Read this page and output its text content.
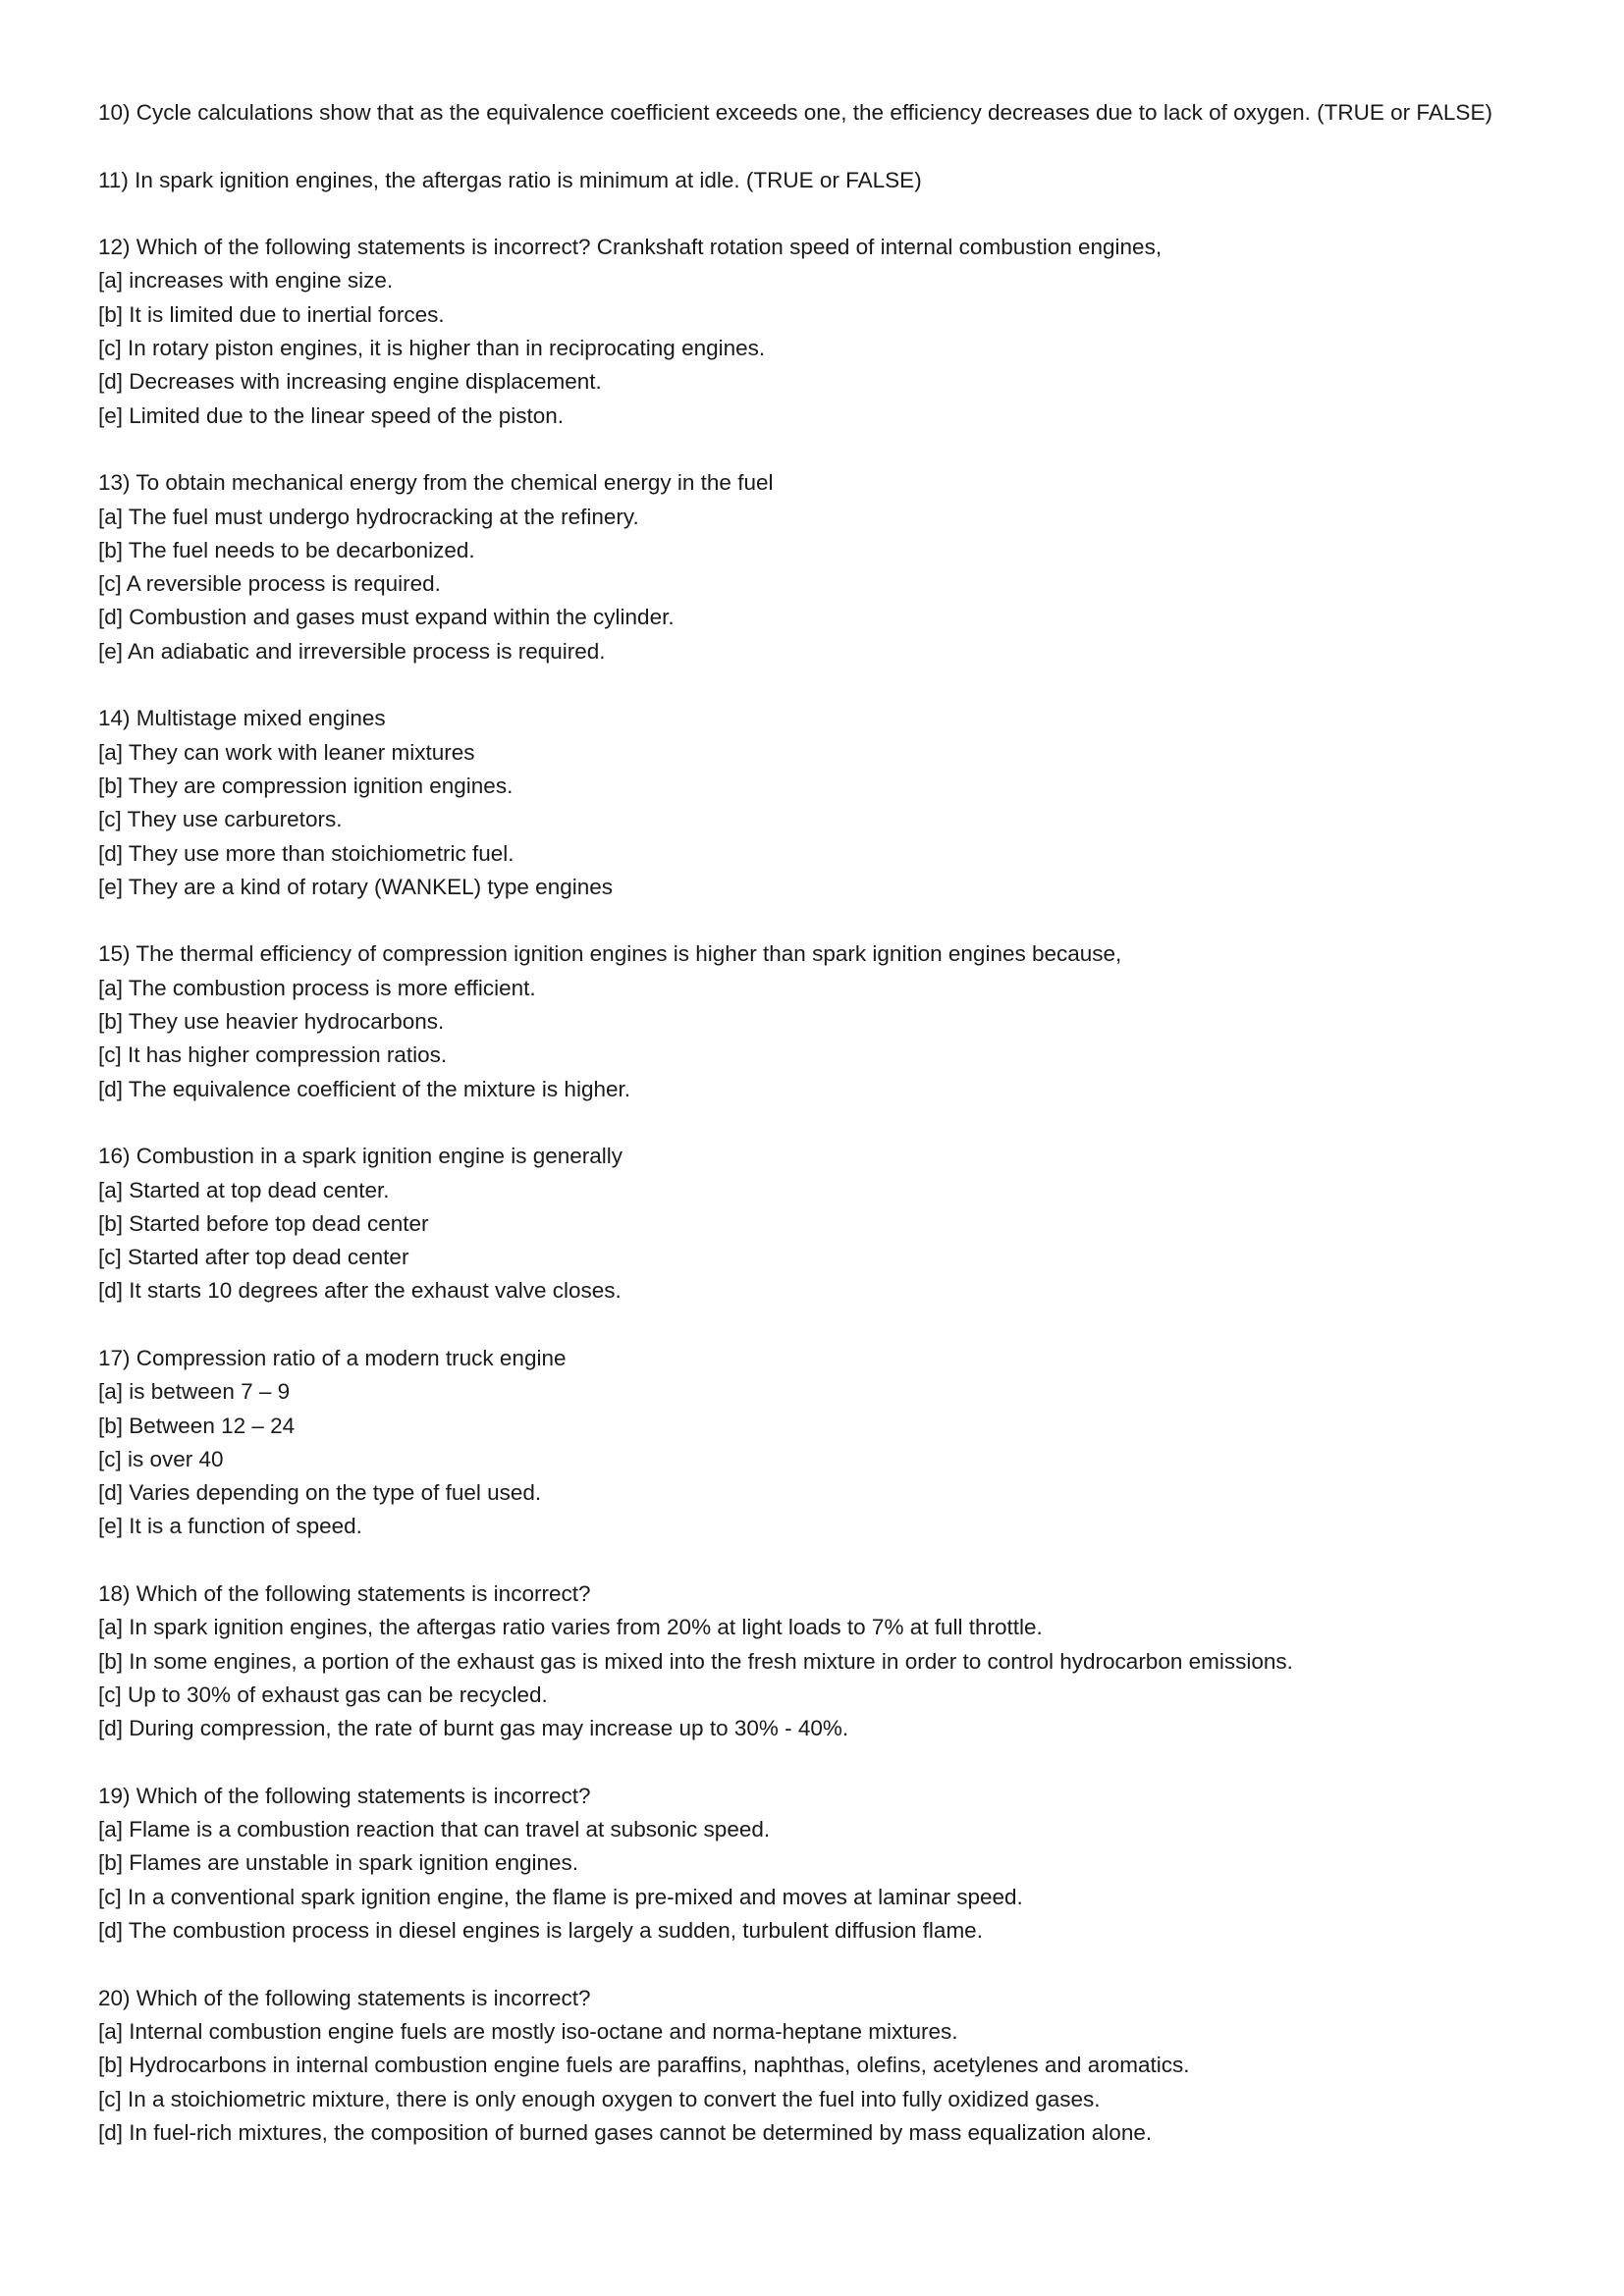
10) Cycle calculations show that as the equivalence coefficient exceeds one, the efficiency decreases due to lack of oxygen. (TRUE or FALSE)
11) In spark ignition engines, the aftergas ratio is minimum at idle. (TRUE or FALSE)
12) Which of the following statements is incorrect? Crankshaft rotation speed of internal combustion engines,
[a] increases with engine size.
[b] It is limited due to inertial forces.
[c] In rotary piston engines, it is higher than in reciprocating engines.
[d] Decreases with increasing engine displacement.
[e] Limited due to the linear speed of the piston.
13) To obtain mechanical energy from the chemical energy in the fuel
[a] The fuel must undergo hydrocracking at the refinery.
[b] The fuel needs to be decarbonized.
[c] A reversible process is required.
[d] Combustion and gases must expand within the cylinder.
[e] An adiabatic and irreversible process is required.
14) Multistage mixed engines
[a] They can work with leaner mixtures
[b] They are compression ignition engines.
[c] They use carburetors.
[d] They use more than stoichiometric fuel.
[e] They are a kind of rotary (WANKEL) type engines
15) The thermal efficiency of compression ignition engines is higher than spark ignition engines because,
[a] The combustion process is more efficient.
[b] They use heavier hydrocarbons.
[c] It has higher compression ratios.
[d] The equivalence coefficient of the mixture is higher.
16) Combustion in a spark ignition engine is generally
[a] Started at top dead center.
[b] Started before top dead center
[c] Started after top dead center
[d] It starts 10 degrees after the exhaust valve closes.
17) Compression ratio of a modern truck engine
[a] is between 7 – 9
[b] Between 12 – 24
[c] is over 40
[d] Varies depending on the type of fuel used.
[e] It is a function of speed.
18) Which of the following statements is incorrect?
[a] In spark ignition engines, the aftergas ratio varies from 20% at light loads to 7% at full throttle.
[b] In some engines, a portion of the exhaust gas is mixed into the fresh mixture in order to control hydrocarbon emissions.
[c] Up to 30% of exhaust gas can be recycled.
[d] During compression, the rate of burnt gas may increase up to 30% - 40%.
19) Which of the following statements is incorrect?
[a] Flame is a combustion reaction that can travel at subsonic speed.
[b] Flames are unstable in spark ignition engines.
[c] In a conventional spark ignition engine, the flame is pre-mixed and moves at laminar speed.
[d] The combustion process in diesel engines is largely a sudden, turbulent diffusion flame.
20) Which of the following statements is incorrect?
[a] Internal combustion engine fuels are mostly iso-octane and norma-heptane mixtures.
[b] Hydrocarbons in internal combustion engine fuels are paraffins, naphthas, olefins, acetylenes and aromatics.
[c] In a stoichiometric mixture, there is only enough oxygen to convert the fuel into fully oxidized gases.
[d] In fuel-rich mixtures, the composition of burned gases cannot be determined by mass equalization alone.
